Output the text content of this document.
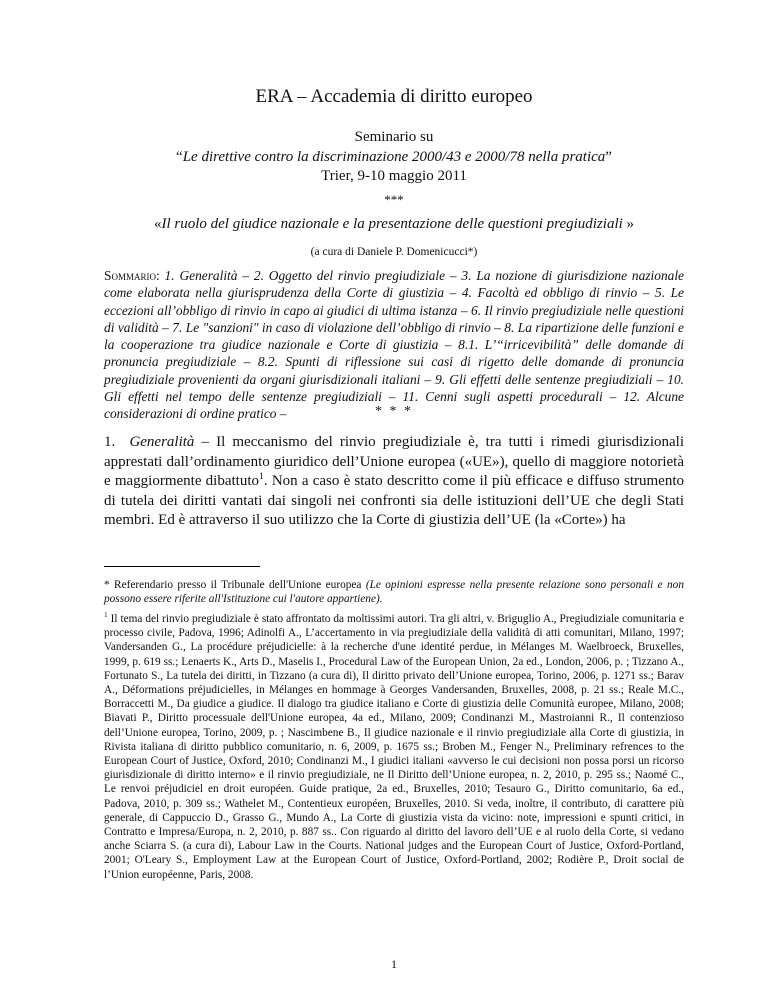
ERA – Accademia di diritto europeo
Seminario su
“Le direttive contro la discriminazione 2000/43 e 2000/78 nella pratica”
Trier, 9-10 maggio 2011
***
«Il ruolo del giudice nazionale e la presentazione delle questioni pregiudiziali »
(a cura di Daniele P. Domenicucci*)
Sommario: 1. Generalità – 2. Oggetto del rinvio pregiudiziale – 3. La nozione di giurisdizione nazionale come elaborata nella giurisprudenza della Corte di giustizia – 4. Facoltà ed obbligo di rinvio – 5. Le eccezioni all’obbligo di rinvio in capo ai giudici di ultima istanza – 6. Il rinvio pregiudiziale nelle questioni di validità – 7. Le "sanzioni" in caso di violazione dell’obbligo di rinvio – 8. La ripartizione delle funzioni e la cooperazione tra giudice nazionale e Corte di giustizia – 8.1. L’“irricevibilità” delle domande di pronuncia pregiudiziale – 8.2. Spunti di riflessione sui casi di rigetto delle domande di pronuncia pregiudiziale provenienti da organi giurisdizionali italiani – 9. Gli effetti delle sentenze pregiudiziali – 10. Gli effetti nel tempo delle sentenze pregiudiziali – 11. Cenni sugli aspetti procedurali – 12. Alcune considerazioni di ordine pratico –	* * *
1. Generalità – Il meccanismo del rinvio pregiudiziale è, tra tutti i rimedi giurisdizionali apprestati dall’ordinamento giuridico dell’Unione europea («UE»), quello di maggiore notorietà e maggiormente dibattuto$^1$. Non a caso è stato descritto come il più efficace e diffuso strumento di tutela dei diritti vantati dai singoli nei confronti sia delle istituzioni dell’UE che degli Stati membri. Ed è attraverso il suo utilizzo che la Corte di giustizia dell’UE (la «Corte») ha
* Referendario presso il Tribunale dell'Unione europea (Le opinioni espresse nella presente relazione sono personali e non possono essere riferite all'Istituzione cui l'autore appartiene).
$^1$ Il tema del rinvio pregiudiziale è stato affrontato da moltissimi autori. Tra gli altri, v. Briguglio A., Pregiudiziale comunitaria e processo civile, Padova, 1996; Adinolfi A., L’accertamento in via pregiudiziale della validità di atti comunitari, Milano, 1997; Vandersanden G., La procédure préjudicielle: à la recherche d'une identité perdue, in Mélanges M. Waelbroeck, Bruxelles, 1999, p. 619 ss.; Lenaerts K., Arts D., Maselis I., Procedural Law of the European Union, 2a ed., London, 2006, p. ; Tizzano A., Fortunato S., La tutela dei diritti, in Tizzano (a cura di), Il diritto privato dell’Unione europea, Torino, 2006, p. 1271 ss.; Barav A., Déformations préjudicielles, in Mélanges en hommage à Georges Vandersanden, Bruxelles, 2008, p. 21 ss.; Reale M.C., Borraccetti M., Da giudice a giudice. Il dialogo tra giudice italiano e Corte di giustizia delle Comunità europee, Milano, 2008; Biavati P., Diritto processuale dell'Unione europea, 4a ed., Milano, 2009; Condinanzi M., Mastroianni R., Il contenzioso dell’Unione europea, Torino, 2009, p. ; Nascimbene B., Il giudice nazionale e il rinvio pregiudiziale alla Corte di giustizia, in Rivista italiana di diritto pubblico comunitario, n. 6, 2009, p. 1675 ss.; Broben M., Fenger N., Preliminary refrences to the European Court of Justice, Oxford, 2010; Condinanzi M., I giudici italiani «avverso le cui decisioni non possa porsi un ricorso giurisdizionale di diritto interno» e il rinvio pregiudiziale, ne Il Diritto dell’Unione europea, n. 2, 2010, p. 295 ss.; Naomé C., Le renvoi préjudiciel en droit européen. Guide pratique, 2a ed., Bruxelles, 2010; Tesauro G., Diritto comunitario, 6a ed., Padova, 2010, p. 309 ss.; Wathelet M., Contentieux européen, Bruxelles, 2010. Si veda, inoltre, il contributo, di carattere più generale, di Cappuccio D., Grasso G., Mundo A., La Corte di giustizia vista da vicino: note, impressioni e spunti critici, in Contratto e Impresa/Europa, n. 2, 2010, p. 887 ss.. Con riguardo al diritto del lavoro dell’UE e al ruolo della Corte, si vedano anche Sciarra S. (a cura di), Labour Law in the Courts. National judges and the European Court of Justice, Oxford-Portland, 2001; O'Leary S., Employment Law at the European Court of Justice, Oxford-Portland, 2002; Rodière P., Droit social de l’Union européenne, Paris, 2008.
1
